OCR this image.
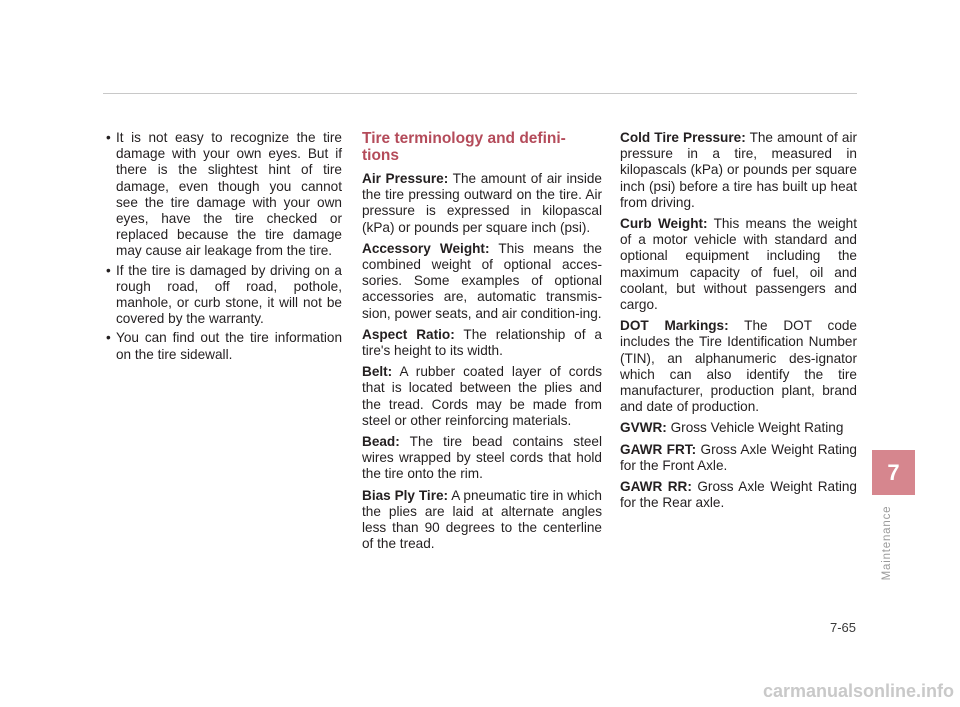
• It is not easy to recognize the tire damage with your own eyes. But if there is the slightest hint of tire damage, even though you cannot see the tire damage with your own eyes, have the tire checked or replaced because the tire damage may cause air leakage from the tire.
• If the tire is damaged by driving on a rough road, off road, pothole, manhole, or curb stone, it will not be covered by the warranty.
• You can find out the tire information on the tire sidewall.
Tire terminology and defini-tions

Air Pressure: The amount of air inside the tire pressing outward on the tire. Air pressure is expressed in kilopascal (kPa) or pounds per square inch (psi).

Accessory Weight: This means the combined weight of optional acces-sories. Some examples of optional accessories are, automatic transmis-sion, power seats, and air condition-ing.

Aspect Ratio: The relationship of a tire's height to its width.

Belt: A rubber coated layer of cords that is located between the plies and the tread. Cords may be made from steel or other reinforcing materials.

Bead: The tire bead contains steel wires wrapped by steel cords that hold the tire onto the rim.

Bias Ply Tire: A pneumatic tire in which the plies are laid at alternate angles less than 90 degrees to the centerline of the tread.

Cold Tire Pressure: The amount of air pressure in a tire, measured in kilopascals (kPa) or pounds per square inch (psi) before a tire has built up heat from driving.

Curb Weight: This means the weight of a motor vehicle with standard and optional equipment including the maximum capacity of fuel, oil and coolant, but without passengers and cargo.

DOT Markings: The DOT code includes the Tire Identification Number (TIN), an alphanumeric des-ignator which can also identify the tire manufacturer, production plant, brand and date of production.

GVWR: Gross Vehicle Weight Rating

GAWR FRT: Gross Axle Weight Rating for the Front Axle.

GAWR RR: Gross Axle Weight Rating for the Rear axle.

7
Maintenance
7-65
carmanualsonline.info
